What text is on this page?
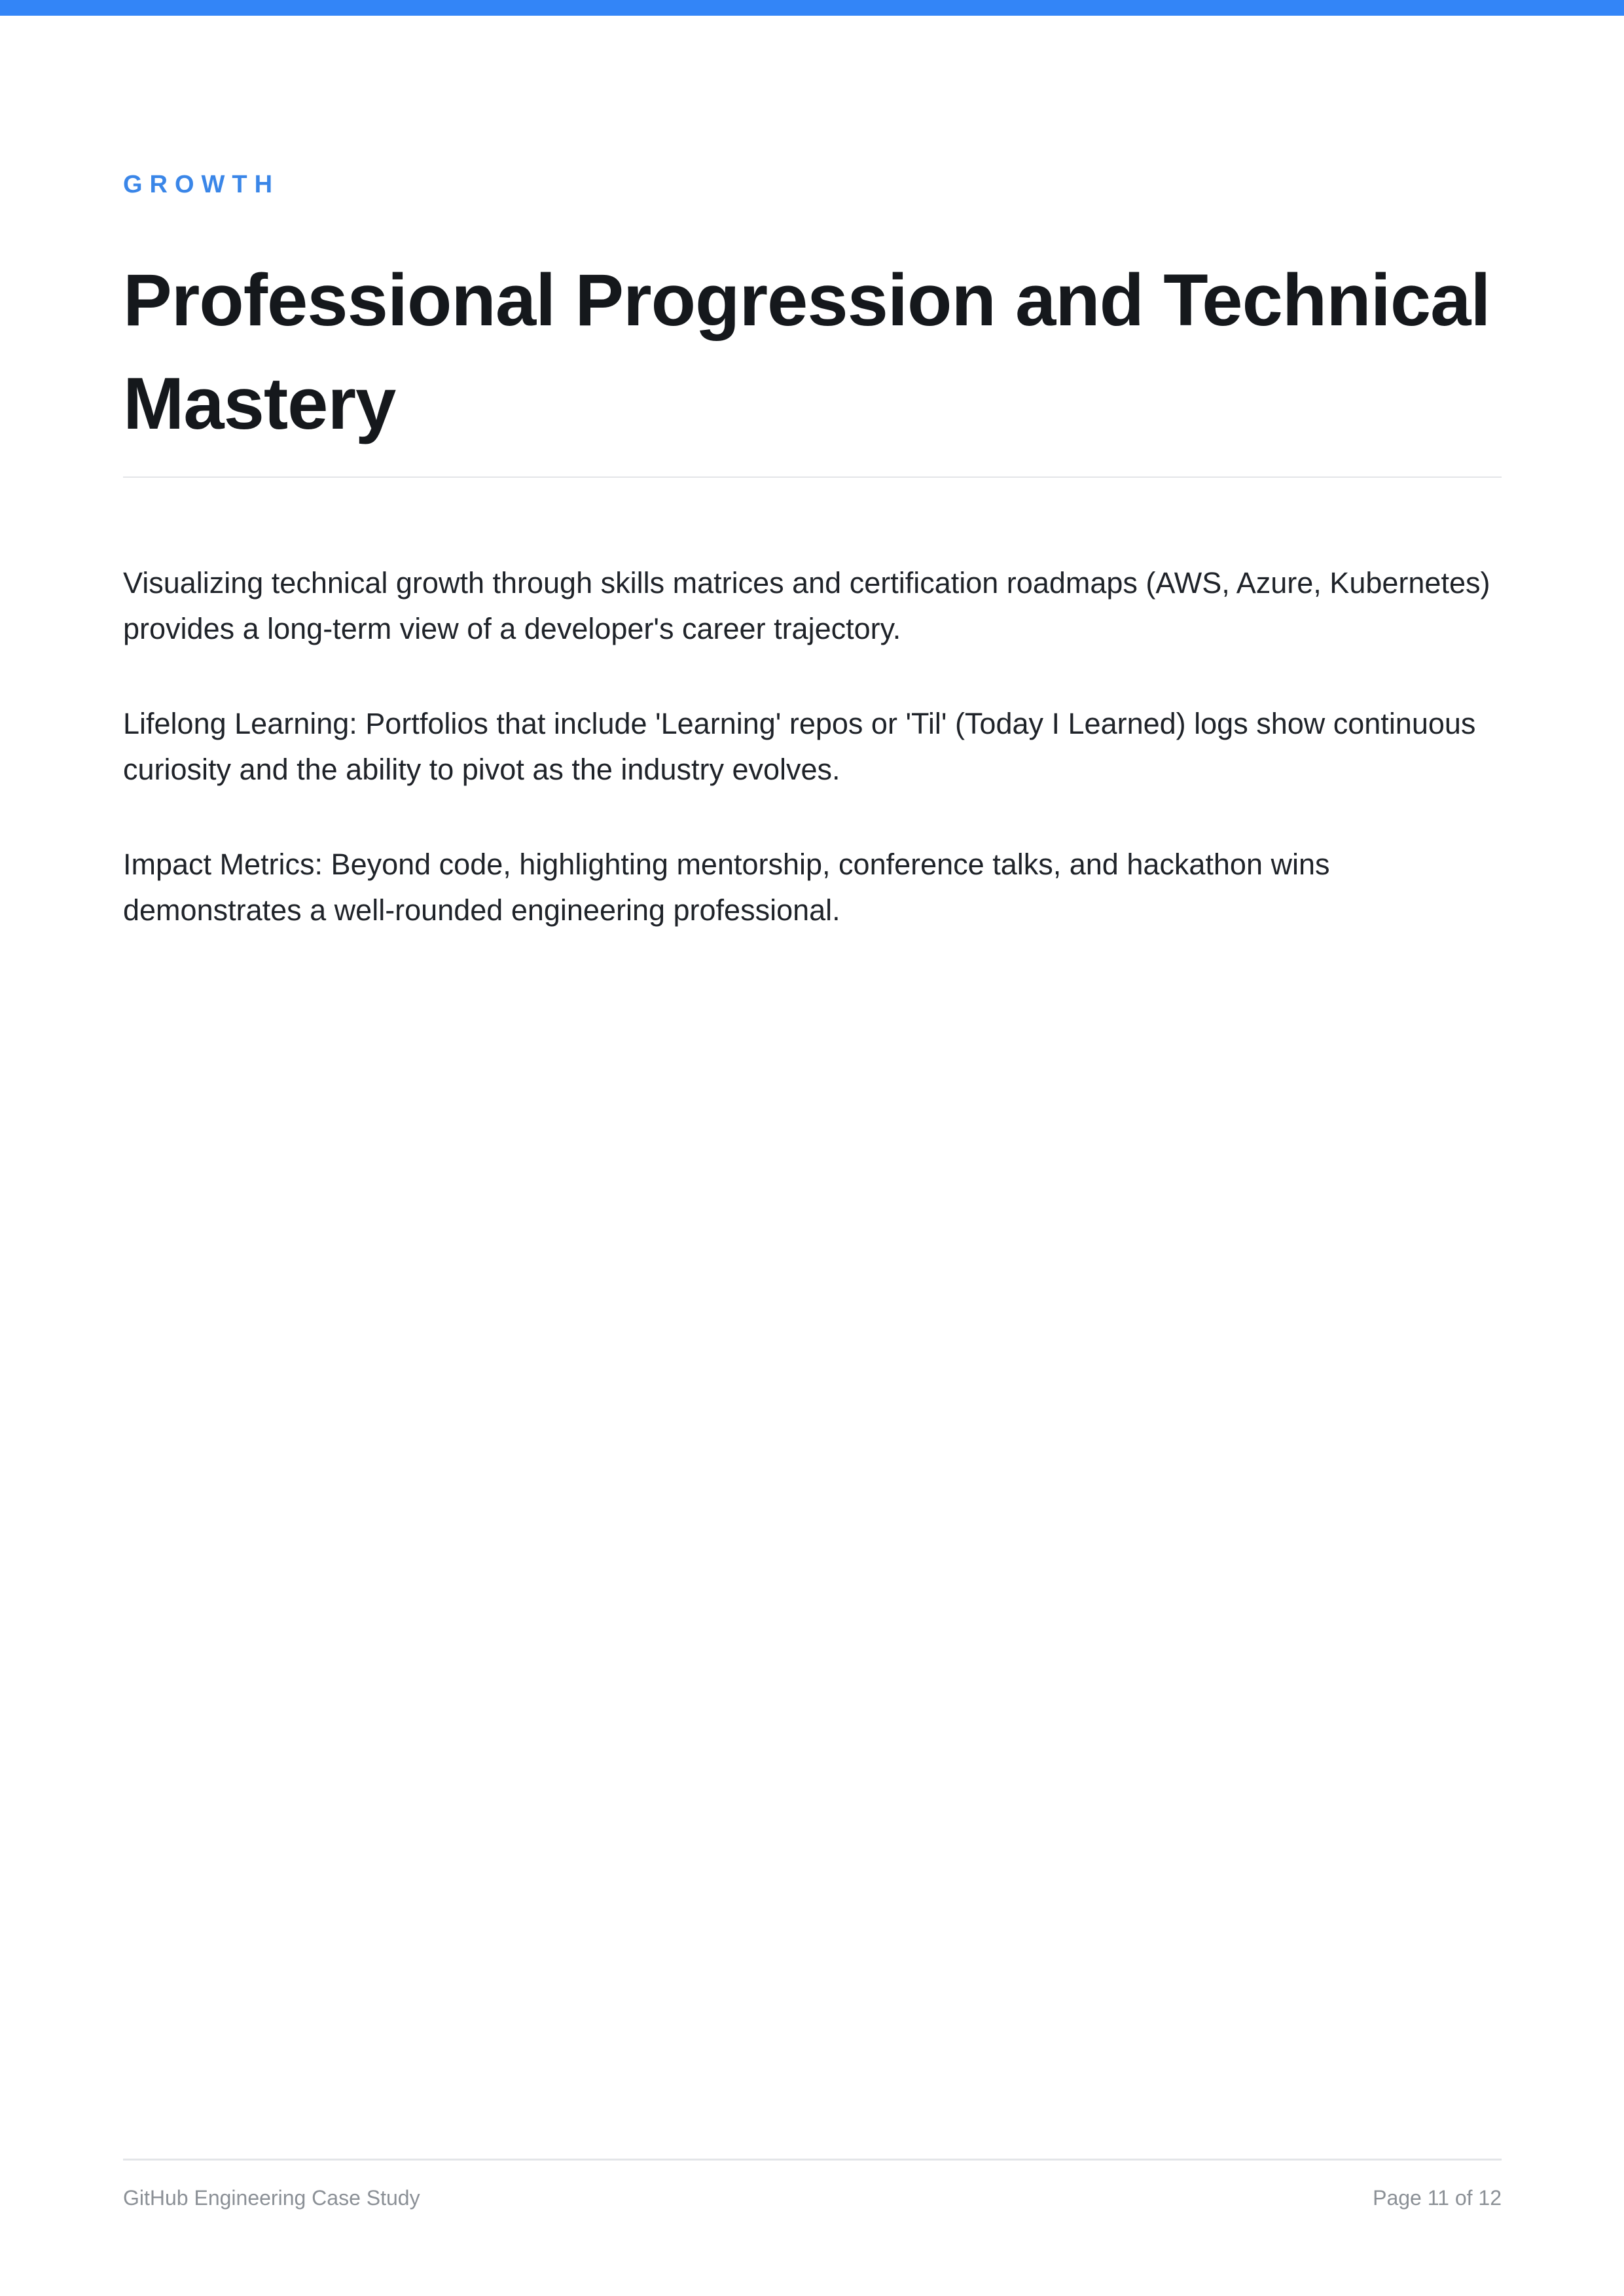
GROWTH
Professional Progression and Technical Mastery

Visualizing technical growth through skills matrices and certification roadmaps (AWS, Azure, Kubernetes) provides a long-term view of a developer's career trajectory.

Lifelong Learning: Portfolios that include 'Learning' repos or 'Til' (Today I Learned) logs show continuous curiosity and the ability to pivot as the industry evolves.

Impact Metrics: Beyond code, highlighting mentorship, conference talks, and hackathon wins demonstrates a well-rounded engineering professional.

GitHub Engineering Case Study	Page 11 of 12
